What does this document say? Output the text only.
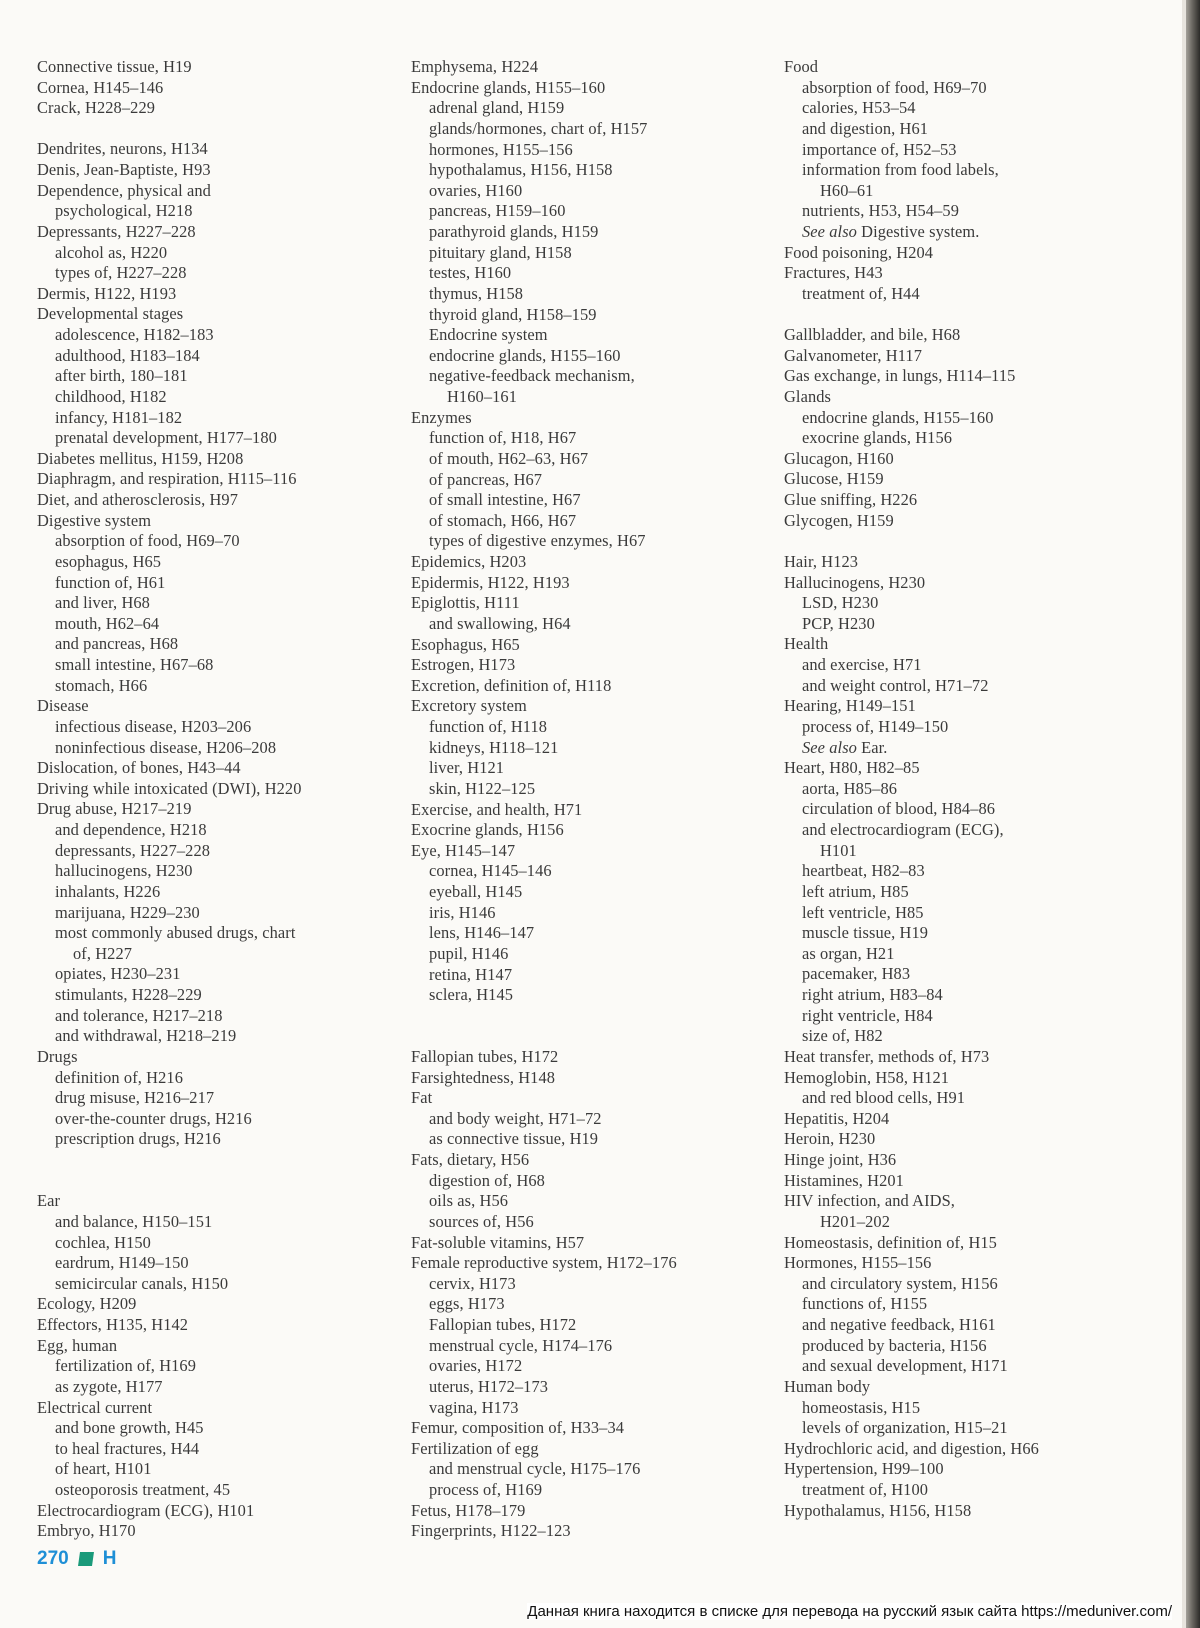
Connective tissue, H19
Cornea, H145–146
Crack, H228–229
Dendrites, neurons, H134
Denis, Jean-Baptiste, H93
Dependence, physical and
psychological, H218
Depressants, H227–228
alcohol as, H220
types of, H227–228
Dermis, H122, H193
Developmental stages
adolescence, H182–183
adulthood, H183–184
after birth, 180–181
childhood, H182
infancy, H181–182
prenatal development, H177–180
Diabetes mellitus, H159, H208
Diaphragm, and respiration, H115–116
Diet, and atherosclerosis, H97
Digestive system
absorption of food, H69–70
esophagus, H65
function of, H61
and liver, H68
mouth, H62–64
and pancreas, H68
small intestine, H67–68
stomach, H66
Disease
infectious disease, H203–206
noninfectious disease, H206–208
Dislocation, of bones, H43–44
Driving while intoxicated (DWI), H220
Drug abuse, H217–219
and dependence, H218
depressants, H227–228
hallucinogens, H230
inhalants, H226
marijuana, H229–230
most commonly abused drugs, chart
of, H227
opiates, H230–231
stimulants, H228–229
and tolerance, H217–218
and withdrawal, H218–219
Drugs
definition of, H216
drug misuse, H216–217
over-the-counter drugs, H216
prescription drugs, H216
Ear
and balance, H150–151
cochlea, H150
eardrum, H149–150
semicircular canals, H150
Ecology, H209
Effectors, H135, H142
Egg, human
fertilization of, H169
as zygote, H177
Electrical current
and bone growth, H45
to heal fractures, H44
of heart, H101
osteoporosis treatment, 45
Electrocardiogram (ECG), H101
Embryo, H170
Emphysema, H224
Endocrine glands, H155–160
adrenal gland, H159
glands/hormones, chart of, H157
hormones, H155–156
hypothalamus, H156, H158
ovaries, H160
pancreas, H159–160
parathyroid glands, H159
pituitary gland, H158
testes, H160
thymus, H158
thyroid gland, H158–159
Endocrine system
endocrine glands, H155–160
negative-feedback mechanism,
H160–161
Enzymes
function of, H18, H67
of mouth, H62–63, H67
of pancreas, H67
of small intestine, H67
of stomach, H66, H67
types of digestive enzymes, H67
Epidemics, H203
Epidermis, H122, H193
Epiglottis, H111
and swallowing, H64
Esophagus, H65
Estrogen, H173
Excretion, definition of, H118
Excretory system
function of, H118
kidneys, H118–121
liver, H121
skin, H122–125
Exercise, and health, H71
Exocrine glands, H156
Eye, H145–147
cornea, H145–146
eyeball, H145
iris, H146
lens, H146–147
pupil, H146
retina, H147
sclera, H145
Fallopian tubes, H172
Farsightedness, H148
Fat
and body weight, H71–72
as connective tissue, H19
Fats, dietary, H56
digestion of, H68
oils as, H56
sources of, H56
Fat-soluble vitamins, H57
Female reproductive system, H172–176
cervix, H173
eggs, H173
Fallopian tubes, H172
menstrual cycle, H174–176
ovaries, H172
uterus, H172–173
vagina, H173
Femur, composition of, H33–34
Fertilization of egg
and menstrual cycle, H175–176
process of, H169
Fetus, H178–179
Fingerprints, H122–123
Food
absorption of food, H69–70
calories, H53–54
and digestion, H61
importance of, H52–53
information from food labels,
H60–61
nutrients, H53, H54–59
See also Digestive system.
Food poisoning, H204
Fractures, H43
treatment of, H44
Gallbladder, and bile, H68
Galvanometer, H117
Gas exchange, in lungs, H114–115
Glands
endocrine glands, H155–160
exocrine glands, H156
Glucagon, H160
Glucose, H159
Glue sniffing, H226
Glycogen, H159
Hair, H123
Hallucinogens, H230
LSD, H230
PCP, H230
Health
and exercise, H71
and weight control, H71–72
Hearing, H149–151
process of, H149–150
See also Ear.
Heart, H80, H82–85
aorta, H85–86
circulation of blood, H84–86
and electrocardiogram (ECG),
H101
heartbeat, H82–83
left atrium, H85
left ventricle, H85
muscle tissue, H19
as organ, H21
pacemaker, H83
right atrium, H83–84
right ventricle, H84
size of, H82
Heat transfer, methods of, H73
Hemoglobin, H58, H121
and red blood cells, H91
Hepatitis, H204
Heroin, H230
Hinge joint, H36
Histamines, H201
HIV infection, and AIDS,
H201–202
Homeostasis, definition of, H15
Hormones, H155–156
and circulatory system, H156
functions of, H155
and negative feedback, H161
produced by bacteria, H156
and sexual development, H171
Human body
homeostasis, H15
levels of organization, H15–21
Hydrochloric acid, and digestion, H66
Hypertension, H99–100
treatment of, H100
Hypothalamus, H156, H158
270 H
Данная книга находится в списке для перевода на русский язык сайта https://meduniver.com/
